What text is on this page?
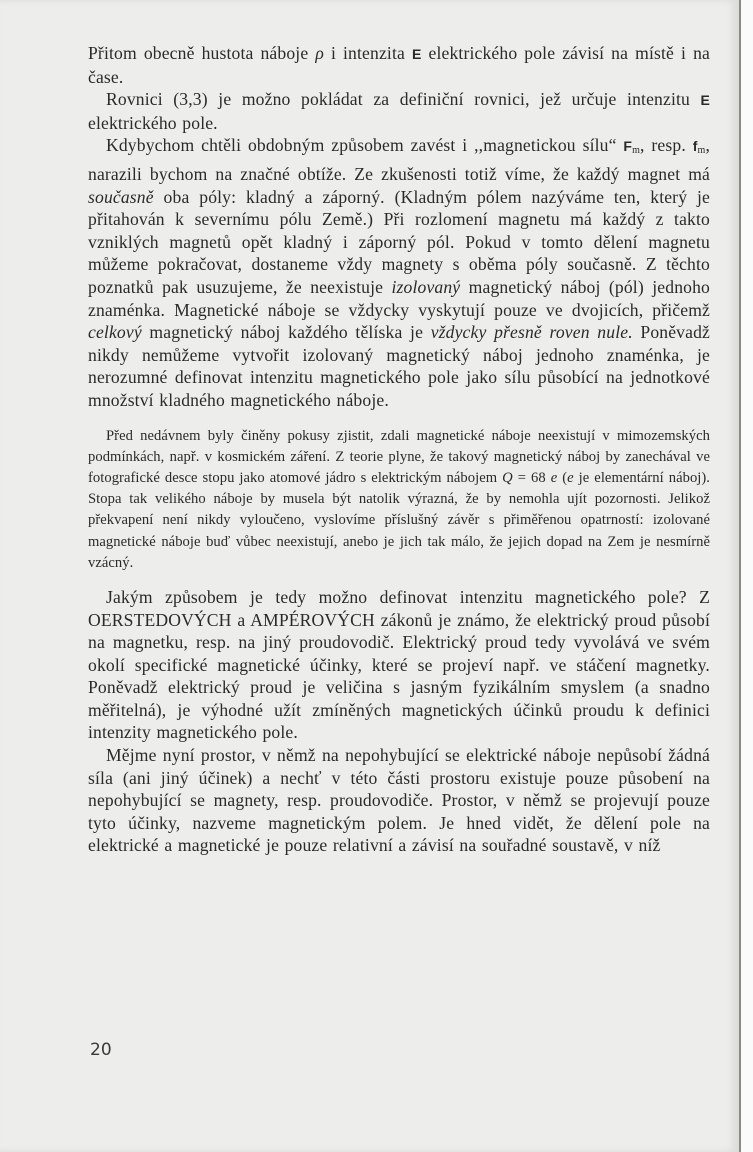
Přitom obecně hustota náboje ρ i intenzita E elektrického pole závisí na místě i na čase.

Rovnici (3,3) je možno pokládat za definiční rovnici, jež určuje intenzitu E elektrického pole.

Kdybychom chtěli obdobným způsobem zavést i ,,magnetickou sílu“ $F_m$, resp. $f_m$, narazili bychom na značné obtíže. Ze zkušenosti totiž víme, že každý magnet má současně oba póly: kladný a záporný. (Kladným pólem nazýváme ten, který je přitahován k severnímu pólu Země.) Při rozlomení magnetu má každý z takto vzniklých magnetů opět kladný i záporný pól. Pokud v tomto dělení magnetu můžeme pokračovat, dostaneme vždy magnety s oběma póly současně. Z těchto poznatků pak usuzujeme, že neexistuje izolovaný magnetický náboj (pól) jednoho znaménka. Magnetické náboje se vždycky vyskytují pouze ve dvojicích, přičemž celkový magnetický náboj každého tělíska je vždycky přesně roven nule. Poněvadž nikdy nemůžeme vytvořit izolovaný magnetický náboj jednoho znaménka, je nerozumné definovat intenzitu magnetického pole jako sílu působící na jednotkové množství kladného magnetického náboje.

Před nedávnem byly činěny pokusy zjistit, zdali magnetické náboje neexistují v mimozemských podmínkách, např. v kosmickém záření. Z teorie plyne, že takový magnetický náboj by zanechával ve fotografické desce stopu jako atomové jádro s elektrickým nábojem Q = 68 e (e je elementární náboj). Stopa tak velikého náboje by musela být natolik výrazná, že by nemohla ujít pozornosti. Jelikož překvapení není nikdy vyloučeno, vyslovíme příslušný závěr s přiměřenou opatrností: izolované magnetické náboje buď vůbec neexistují, anebo je jich tak málo, že jejich dopad na Zem je nesmírně vzácný.

Jakým způsobem je tedy možno definovat intenzitu magnetického pole? Z OERSTEDOVÝCH a AMPÉROVÝCH zákonů je známo, že elektrický proud působí na magnetku, resp. na jiný proudovodič. Elektrický proud tedy vyvolává ve svém okolí specifické magnetické účinky, které se projeví např. ve stáčení magnetky. Poněvadž elektrický proud je veličina s jasným fyzikálním smyslem (a snadno měřitelná), je výhodné užít zmíněných magnetických účinků proudu k definici intenzity magnetického pole.

Mějme nyní prostor, v němž na nepohybující se elektrické náboje nepůsobí žádná síla (ani jiný účinek) a nechť v této části prostoru existuje pouze působení na nepohybující se magnety, resp. proudovodiče. Prostor, v němž se projevují pouze tyto účinky, nazveme magnetickým polem. Je hned vidět, že dělení pole na elektrické a magnetické je pouze relativní a závisí na souřadné soustavě, v níž

20
